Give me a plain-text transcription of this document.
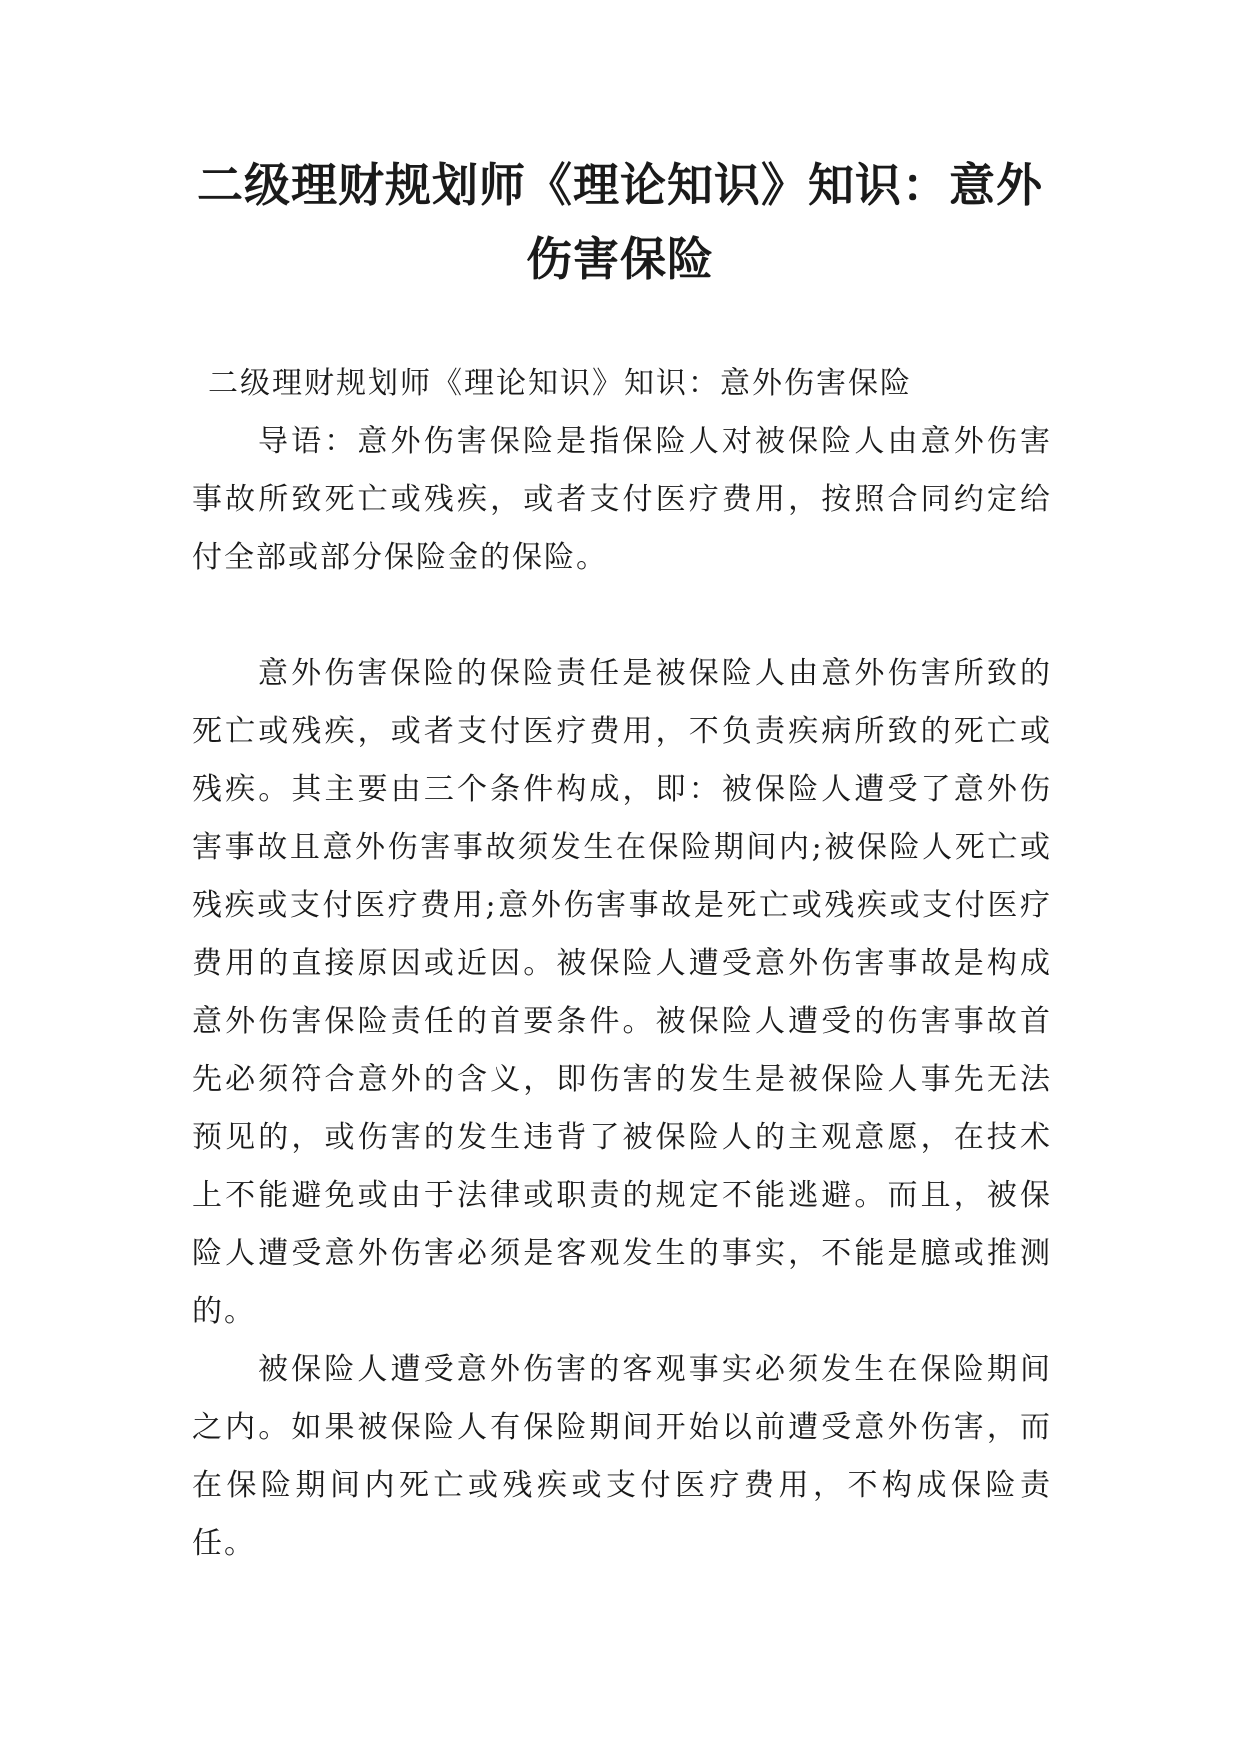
二级理财规划师《理论知识》知识：意外伤害保险

二级理财规划师《理论知识》知识：意外伤害保险

导语：意外伤害保险是指保险人对被保险人由意外伤害事故所致死亡或残疾，或者支付医疗费用，按照合同约定给付全部或部分保险金的保险。

意外伤害保险的保险责任是被保险人由意外伤害所致的死亡或残疾，或者支付医疗费用，不负责疾病所致的死亡或残疾。其主要由三个条件构成，即：被保险人遭受了意外伤害事故且意外伤害事故须发生在保险期间内;被保险人死亡或残疾或支付医疗费用;意外伤害事故是死亡或残疾或支付医疗费用的直接原因或近因。被保险人遭受意外伤害事故是构成意外伤害保险责任的首要条件。被保险人遭受的伤害事故首先必须符合意外的含义，即伤害的发生是被保险人事先无法预见的，或伤害的发生违背了被保险人的主观意愿，在技术上不能避免或由于法律或职责的规定不能逃避。而且，被保险人遭受意外伤害必须是客观发生的事实，不能是臆或推测的。

被保险人遭受意外伤害的客观事实必须发生在保险期间之内。如果被保险人有保险期间开始以前遭受意外伤害，而在保险期间内死亡或残疾或支付医疗费用，不构成保险责任。
